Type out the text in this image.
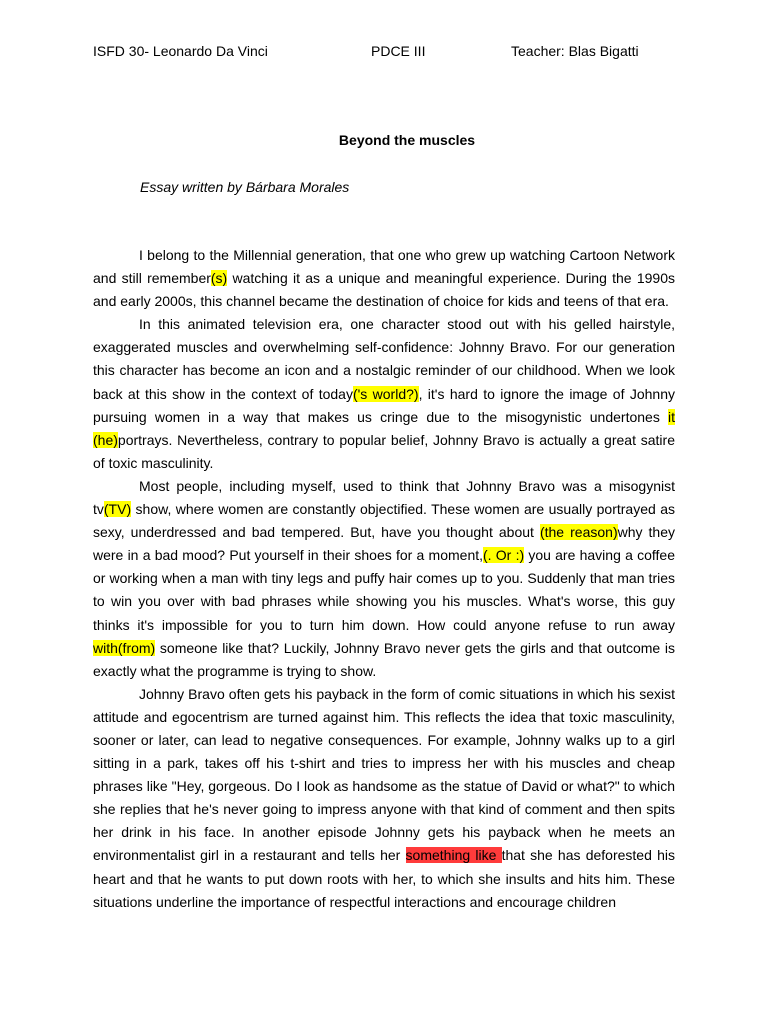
ISFD 30- Leonardo Da Vinci	PDCE III	Teacher: Blas Bigatti
Beyond the muscles
Essay written by Bárbara Morales

I belong to the Millennial generation, that one who grew up watching Cartoon Network and still remember(s) watching it as a unique and meaningful experience. During the 1990s and early 2000s, this channel became the destination of choice for kids and teens of that era.

In this animated television era, one character stood out with his gelled hairstyle, exaggerated muscles and overwhelming self-confidence: Johnny Bravo. For our generation this character has become an icon and a nostalgic reminder of our childhood. When we look back at this show in the context of today('s world?), it's hard to ignore the image of Johnny pursuing women in a way that makes us cringe due to the misogynistic undertones it (he)portrays. Nevertheless, contrary to popular belief, Johnny Bravo is actually a great satire of toxic masculinity.

Most people, including myself, used to think that Johnny Bravo was a misogynist tv(TV) show, where women are constantly objectified. These women are usually portrayed as sexy, underdressed and bad tempered. But, have you thought about (the reason)why they were in a bad mood? Put yourself in their shoes for a moment,(. Or :) you are having a coffee or working when a man with tiny legs and puffy hair comes up to you. Suddenly that man tries to win you over with bad phrases while showing you his muscles. What's worse, this guy thinks it's impossible for you to turn him down. How could anyone refuse to run away with(from) someone like that? Luckily, Johnny Bravo never gets the girls and that outcome is exactly what the programme is trying to show.

Johnny Bravo often gets his payback in the form of comic situations in which his sexist attitude and egocentrism are turned against him. This reflects the idea that toxic masculinity, sooner or later, can lead to negative consequences. For example, Johnny walks up to a girl sitting in a park, takes off his t-shirt and tries to impress her with his muscles and cheap phrases like "Hey, gorgeous. Do I look as handsome as the statue of David or what?" to which she replies that he's never going to impress anyone with that kind of comment and then spits her drink in his face. In another episode Johnny gets his payback when he meets an environmentalist girl in a restaurant and tells her something like that she has deforested his heart and that he wants to put down roots with her, to which she insults and hits him. These situations underline the importance of respectful interactions and encourage children
